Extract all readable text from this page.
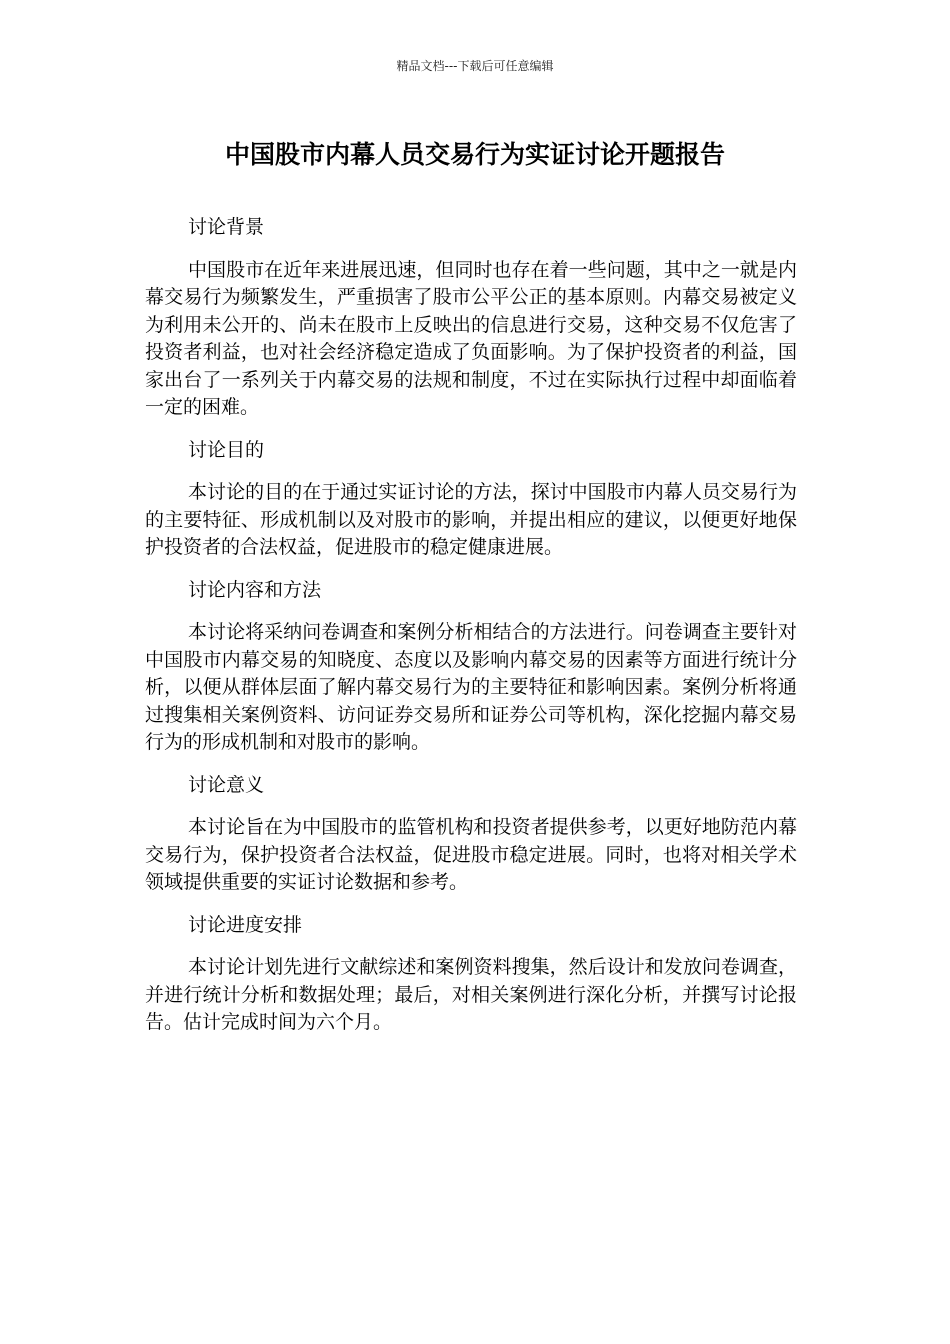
精品文档---下载后可任意编辑
中国股市内幕人员交易行为实证讨论开题报告
讨论背景

中国股市在近年来进展迅速，但同时也存在着一些问题，其中之一就是内幕交易行为频繁发生，严重损害了股市公平公正的基本原则。内幕交易被定义为利用未公开的、尚未在股市上反映出的信息进行交易，这种交易不仅危害了投资者利益，也对社会经济稳定造成了负面影响。为了保护投资者的利益，国家出台了一系列关于内幕交易的法规和制度，不过在实际执行过程中却面临着一定的困难。

讨论目的

本讨论的目的在于通过实证讨论的方法，探讨中国股市内幕人员交易行为的主要特征、形成机制以及对股市的影响，并提出相应的建议，以便更好地保护投资者的合法权益，促进股市的稳定健康进展。

讨论内容和方法

本讨论将采纳问卷调查和案例分析相结合的方法进行。问卷调查主要针对中国股市内幕交易的知晓度、态度以及影响内幕交易的因素等方面进行统计分析，以便从群体层面了解内幕交易行为的主要特征和影响因素。案例分析将通过搜集相关案例资料、访问证券交易所和证券公司等机构，深化挖掘内幕交易行为的形成机制和对股市的影响。

讨论意义

本讨论旨在为中国股市的监管机构和投资者提供参考，以更好地防范内幕交易行为，保护投资者合法权益，促进股市稳定进展。同时，也将对相关学术领域提供重要的实证讨论数据和参考。

讨论进度安排

本讨论计划先进行文献综述和案例资料搜集，然后设计和发放问卷调查，并进行统计分析和数据处理；最后，对相关案例进行深化分析，并撰写讨论报告。估计完成时间为六个月。
